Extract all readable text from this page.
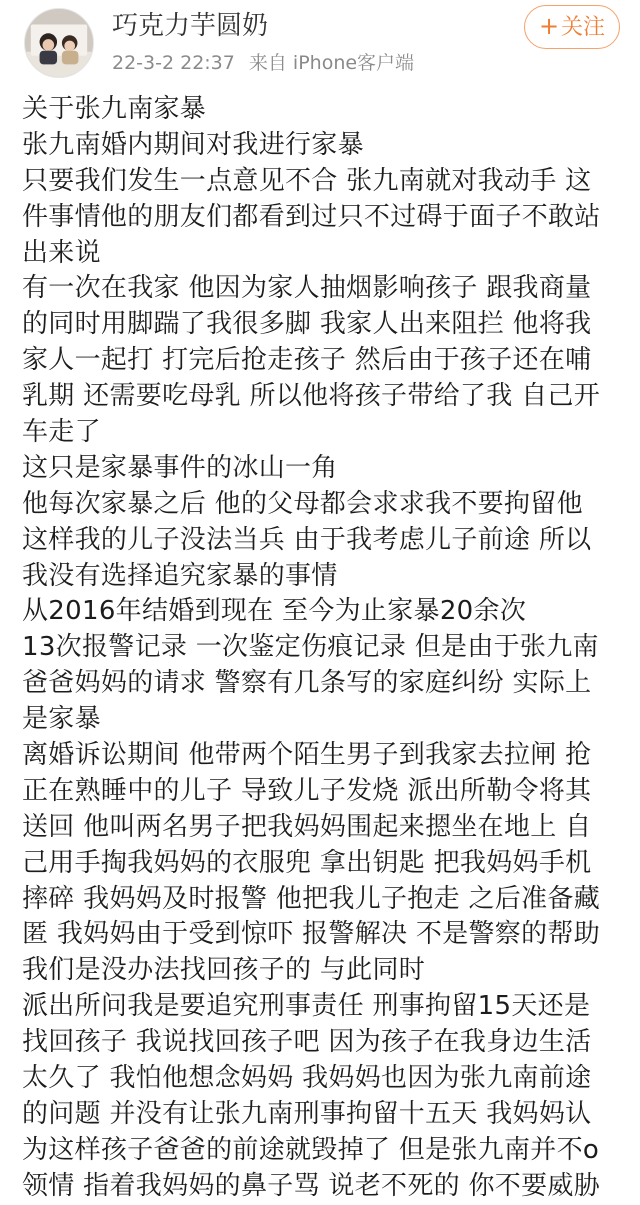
巧克力芋圆奶
22-3-2 22:37 来自 iPhone客户端
+关注
关于张九南家暴
张九南婚内期间对我进行家暴
只要我们发生一点意见不合 张九南就对我动手 这
件事情他的朋友们都看到过只不过碍于面子不敢站
出来说
有一次在我家 他因为家人抽烟影响孩子 跟我商量
的同时用脚踹了我很多脚 我家人出来阻拦 他将我
家人一起打 打完后抢走孩子 然后由于孩子还在哺
乳期 还需要吃母乳 所以他将孩子带给了我 自己开
车走了
这只是家暴事件的冰山一角
他每次家暴之后 他的父母都会求求我不要拘留他
这样我的儿子没法当兵 由于我考虑儿子前途 所以
我没有选择追究家暴的事情
从2016年结婚到现在 至今为止家暴20余次
13次报警记录 一次鉴定伤痕记录 但是由于张九南
爸爸妈妈的请求 警察有几条写的家庭纠纷 实际上
是家暴
离婚诉讼期间 他带两个陌生男子到我家去拉闸 抢
正在熟睡中的儿子 导致儿子发烧 派出所勒令将其
送回 他叫两名男子把我妈妈围起来摁坐在地上 自
己用手掏我妈妈的衣服兜 拿出钥匙 把我妈妈手机
摔碎 我妈妈及时报警 他把我儿子抱走 之后准备藏
匿 我妈妈由于受到惊吓 报警解决 不是警察的帮助
我们是没办法找回孩子的 与此同时
派出所问我是要追究刑事责任 刑事拘留15天还是
找回孩子 我说找回孩子吧 因为孩子在我身边生活
太久了 我怕他想念妈妈 我妈妈也因为张九南前途
的问题 并没有让张九南刑事拘留十五天 我妈妈认
为这样孩子爸爸的前途就毁掉了 但是张九南并不o
领情 指着我妈妈的鼻子骂 说老不死的 你不要威胁
